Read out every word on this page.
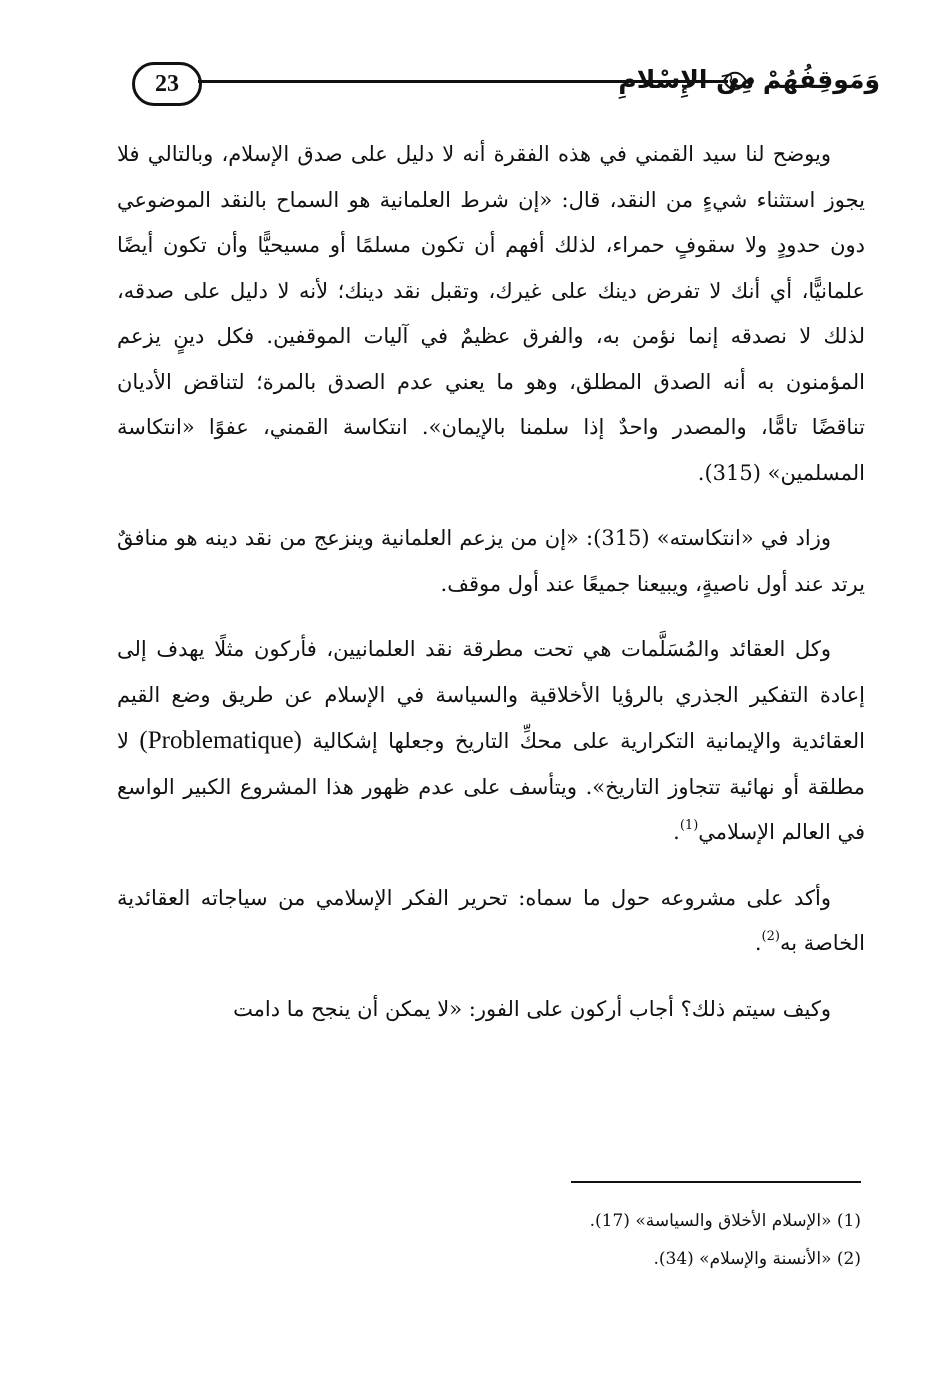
23	وَمَوقِفُهُمْ مِنَ الإِسْلامِ

ويوضح لنا سيد القمني في هذه الفقرة أنه لا دليل على صدق الإسلام، وبالتالي فلا يجوز استثناء شيءٍ من النقد، قال: «إن شرط العلمانية هو السماح بالنقد الموضوعي دون حدودٍ ولا سقوفٍ حمراء، لذلك أفهم أن تكون مسلمًا أو مسيحيًّا وأن تكون أيضًا علمانيًّا، أي أنك لا تفرض دينك على غيرك، وتقبل نقد دينك؛ لأنه لا دليل على صدقه، لذلك لا نصدقه إنما نؤمن به، والفرق عظيمٌ في آليات الموقفين. فكل دينٍ يزعم المؤمنون به أنه الصدق المطلق، وهو ما يعني عدم الصدق بالمرة؛ لتناقض الأديان تناقضًا تامًّا، والمصدر واحدٌ إذا سلمنا بالإيمان». انتكاسة القمني، عفوًا «انتكاسة المسلمين» (315).

وزاد في «انتكاسته» (315): «إن من يزعم العلمانية وينزعج من نقد دينه هو منافقٌ يرتد عند أول ناصيةٍ، ويبيعنا جميعًا عند أول موقف.

وكل العقائد والمُسَلَّمات هي تحت مطرقة نقد العلمانيين، فأركون مثلًا يهدف إلى إعادة التفكير الجذري بالرؤيا الأخلاقية والسياسة في الإسلام عن طريق وضع القيم العقائدية والإيمانية التكرارية على محكِّ التاريخ وجعلها إشكالية (Problematique) لا مطلقة أو نهائية تتجاوز التاريخ». ويتأسف على عدم ظهور هذا المشروع الكبير الواسع في العالم الإسلامي$^{(1)}$.

وأكد على مشروعه حول ما سماه: تحرير الفكر الإسلامي من سياجاته العقائدية الخاصة به$^{(2)}$.

وكيف سيتم ذلك؟ أجاب أركون على الفور: «لا يمكن أن ينجح ما دامت

(1) «الإسلام الأخلاق والسياسة» (17).

(2) «الأنسنة والإسلام» (34).
